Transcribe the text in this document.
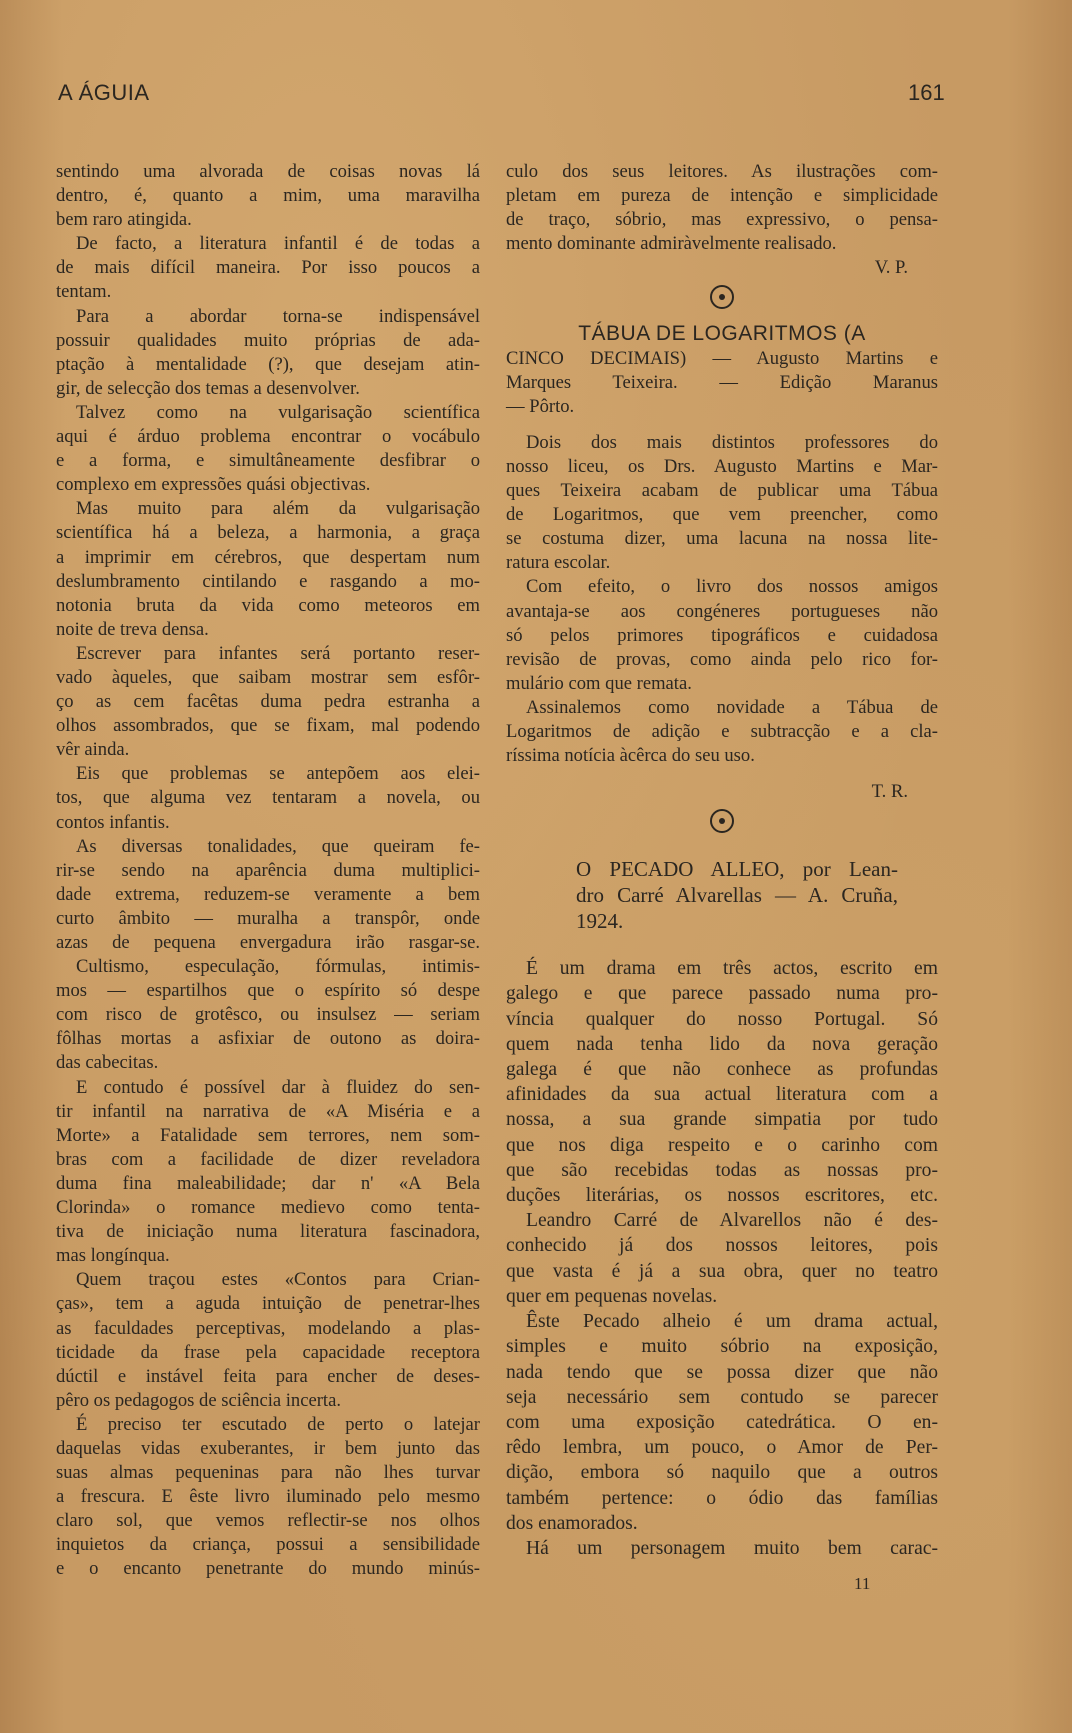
A ÁGUIA	161
sentindo uma alvorada de coisas novas lá
dentro, é, quanto a mim, uma maravilha
bem raro atingida.
De facto, a literatura infantil é de todas a
de mais difícil maneira. Por isso poucos a
tentam.
Para a abordar torna-se indispensável
possuir qualidades muito próprias de ada-
ptação à mentalidade (?), que desejam atin-
gir, de selecção dos temas a desenvolver.
Talvez como na vulgarisação scientífica
aqui é árduo problema encontrar o vocábulo
e a forma, e simultâneamente desfibrar o
complexo em expressões quási objectivas.
Mas muito para além da vulgarisação
scientífica há a beleza, a harmonia, a graça
a imprimir em cérebros, que despertam num
deslumbramento cintilando e rasgando a mo-
notonia bruta da vida como meteoros em
noite de treva densa.
Escrever para infantes será portanto reser-
vado àqueles, que saibam mostrar sem esfôr-
ço as cem facêtas duma pedra estranha a
olhos assombrados, que se fixam, mal podendo
vêr ainda.
Eis que problemas se antepõem aos elei-
tos, que alguma vez tentaram a novela, ou
contos infantis.
As diversas tonalidades, que queiram fe-
rir-se sendo na aparência duma multiplici-
dade extrema, reduzem-se veramente a bem
curto âmbito — muralha a transpôr, onde
azas de pequena envergadura irão rasgar-se.
Cultismo, especulação, fórmulas, intimis-
mos — espartilhos que o espírito só despe
com risco de grotêsco, ou insulsez — seriam
fôlhas mortas a asfixiar de outono as doira-
das cabecitas.
E contudo é possível dar à fluidez do sen-
tir infantil na narrativa de «A Miséria e a
Morte» a Fatalidade sem terrores, nem som-
bras com a facilidade de dizer reveladora
duma fina maleabilidade; dar n' «A Bela
Clorinda» o romance medievo como tenta-
tiva de iniciação numa literatura fascinadora,
mas longínqua.
Quem traçou estes «Contos para Crian-
ças», tem a aguda intuição de penetrar-lhes
as faculdades perceptivas, modelando a plas-
ticidade da frase pela capacidade receptora
dúctil e instável feita para encher de deses-
pêro os pedagogos de sciência incerta.
É preciso ter escutado de perto o latejar
daquelas vidas exuberantes, ir bem junto das
suas almas pequeninas para não lhes turvar
a frescura. E êste livro iluminado pelo mesmo
claro sol, que vemos reflectir-se nos olhos
inquietos da criança, possui a sensibilidade
e o encanto penetrante do mundo minús-
culo dos seus leitores. As ilustrações com-
pletam em pureza de intenção e simplicidade
de traço, sóbrio, mas expressivo, o pensa-
mento dominante admiràvelmente realisado.
V. P.
TÁBUA DE LOGARITMOS (A
CINCO DECIMAIS) — Augusto Martins e
Marques Teixeira. — Edição Maranus
— Pôrto.
Dois dos mais distintos professores do
nosso liceu, os Drs. Augusto Martins e Mar-
ques Teixeira acabam de publicar uma Tábua
de Logaritmos, que vem preencher, como
se costuma dizer, uma lacuna na nossa lite-
ratura escolar.
Com efeito, o livro dos nossos amigos
avantaja-se aos congéneres portugueses não
só pelos primores tipográficos e cuidadosa
revisão de provas, como ainda pelo rico for-
mulário com que remata.
Assinalemos como novidade a Tábua de
Logaritmos de adição e subtracção e a cla-
ríssima notícia àcêrca do seu uso.
T. R.
O PECADO ALLEO, por Lean-
dro Carré Alvarellas — A. Cruña,
1924.
É um drama em três actos, escrito em
galego e que parece passado numa pro-
víncia qualquer do nosso Portugal. Só
quem nada tenha lido da nova geração
galega é que não conhece as profundas
afinidades da sua actual literatura com a
nossa, a sua grande simpatia por tudo
que nos diga respeito e o carinho com
que são recebidas todas as nossas pro-
duções literárias, os nossos escritores, etc.
Leandro Carré de Alvarellos não é des-
conhecido já dos nossos leitores, pois
que vasta é já a sua obra, quer no teatro
quer em pequenas novelas.
Êste Pecado alheio é um drama actual,
simples e muito sóbrio na exposição,
nada tendo que se possa dizer que não
seja necessário sem contudo se parecer
com uma exposição catedrática. O en-
rêdo lembra, um pouco, o Amor de Per-
dição, embora só naquilo que a outros
também pertence: o ódio das famílias
dos enamorados.
Há um personagem muito bem carac-
11
